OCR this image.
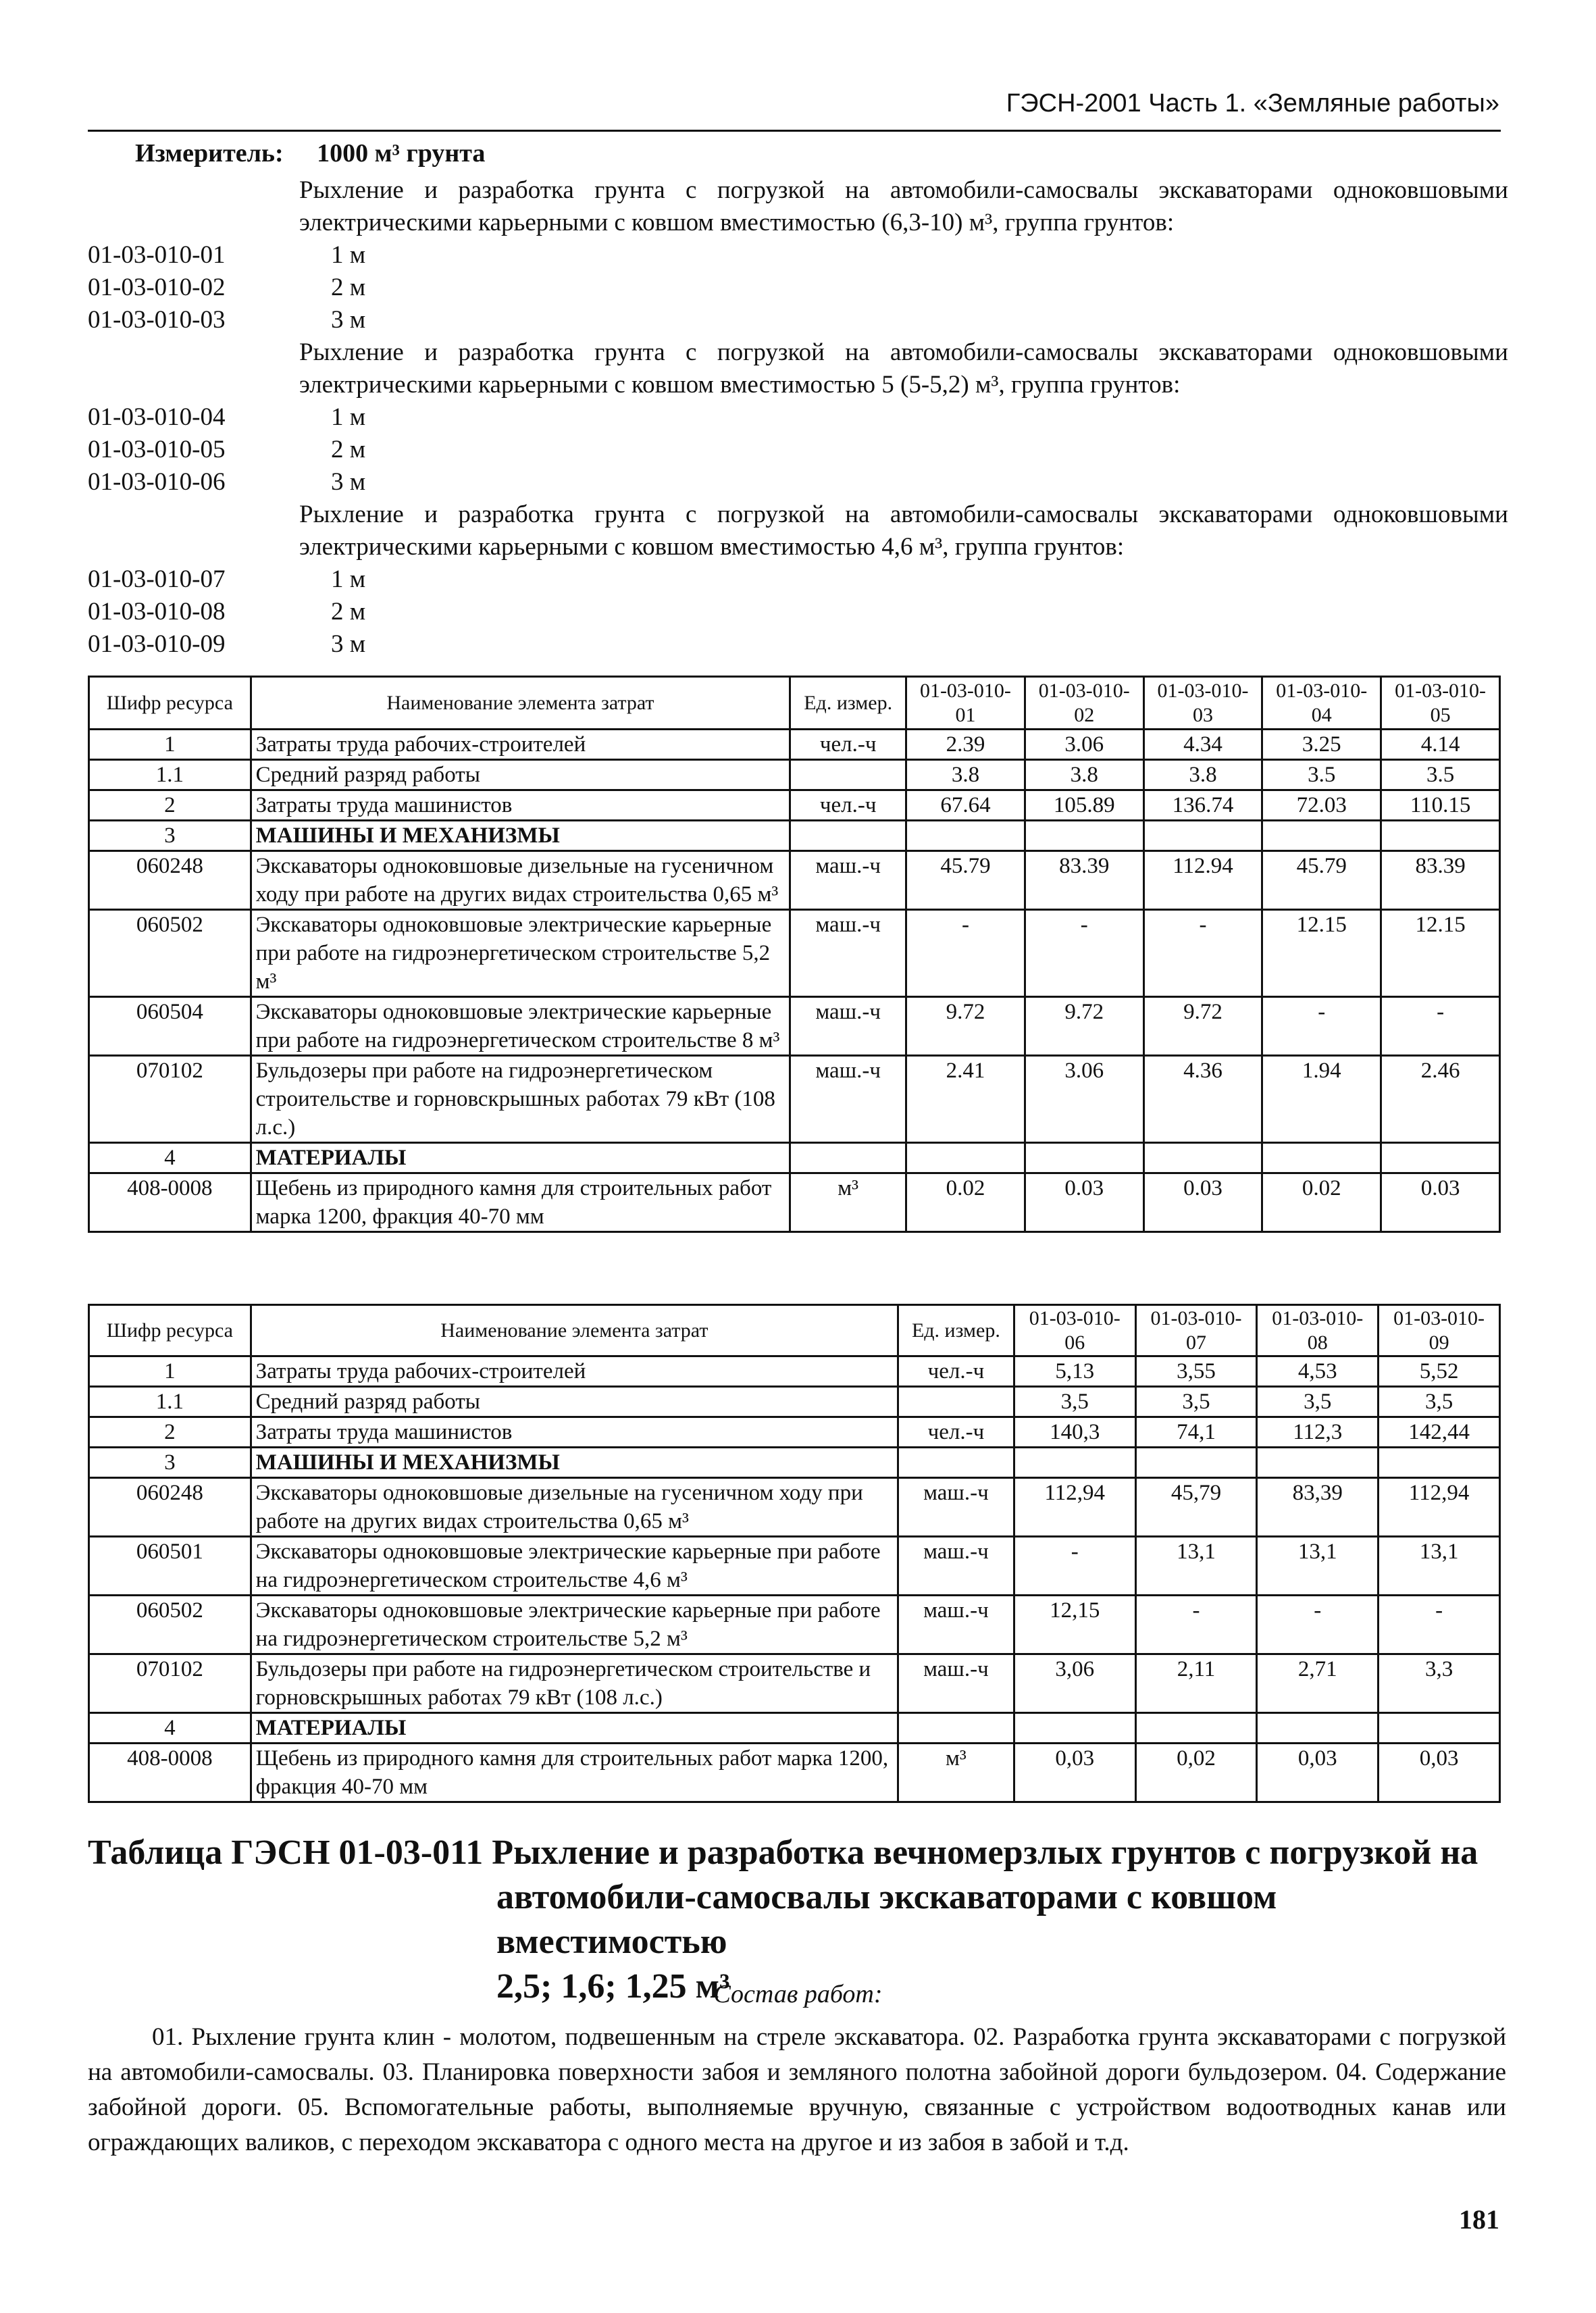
ГЭСН-2001 Часть 1. «Земляные работы»
Измеритель: 1000 м³ грунта
Рыхление и разработка грунта с погрузкой на автомобили-самосвалы экскаваторами одноковшовыми электрическими карьерными с ковшом вместимостью (6,3-10) м³, группа грунтов:
01-03-010-01	1 м
01-03-010-02	2 м
01-03-010-03	3 м
Рыхление и разработка грунта с погрузкой на автомобили-самосвалы экскаваторами одноковшовыми электрическими карьерными с ковшом вместимостью 5 (5-5,2) м³, группа грунтов:
01-03-010-04	1 м
01-03-010-05	2 м
01-03-010-06	3 м
Рыхление и разработка грунта с погрузкой на автомобили-самосвалы экскаваторами одноковшовыми электрическими карьерными с ковшом вместимостью 4,6 м³, группа грунтов:
01-03-010-07	1 м
01-03-010-08	2 м
01-03-010-09	3 м
Шифр ресурса	Наименование элемента затрат	Ед. измер.	01-03-010-01	01-03-010-02	01-03-010-03	01-03-010-04	01-03-010-05
1	Затраты труда рабочих-строителей	чел.-ч	2.39	3.06	4.34	3.25	4.14
1.1	Средний разряд работы		3.8	3.8	3.8	3.5	3.5
2	Затраты труда машинистов	чел.-ч	67.64	105.89	136.74	72.03	110.15
3	МАШИНЫ И МЕХАНИЗМЫ						
060248	Экскаваторы одноковшовые дизельные на гусеничном ходу при работе на других видах строительства 0,65 м³	маш.-ч	45.79	83.39	112.94	45.79	83.39
060502	Экскаваторы одноковшовые электрические карьерные при работе на гидроэнергетическом строительстве 5,2 м³	маш.-ч	-	-	-	12.15	12.15
060504	Экскаваторы одноковшовые электрические карьерные при работе на гидроэнергетическом строительстве 8 м³	маш.-ч	9.72	9.72	9.72	-	-
070102	Бульдозеры при работе на гидроэнергетическом строительстве и горновскрышных работах 79 кВт (108 л.с.)	маш.-ч	2.41	3.06	4.36	1.94	2.46
4	МАТЕРИАЛЫ						
408-0008	Щебень из природного камня для строительных работ марка 1200, фракция 40-70 мм	м³	0.02	0.03	0.03	0.02	0.03
Шифр ресурса	Наименование элемента затрат	Ед. измер.	01-03-010-06	01-03-010-07	01-03-010-08	01-03-010-09
1	Затраты труда рабочих-строителей	чел.-ч	5,13	3,55	4,53	5,52
1.1	Средний разряд работы		3,5	3,5	3,5	3,5
2	Затраты труда машинистов	чел.-ч	140,3	74,1	112,3	142,44
3	МАШИНЫ И МЕХАНИЗМЫ					
060248	Экскаваторы одноковшовые дизельные на гусеничном ходу при работе на других видах строительства 0,65 м³	маш.-ч	112,94	45,79	83,39	112,94
060501	Экскаваторы одноковшовые электрические карьерные при работе на гидроэнергетическом строительстве 4,6 м³	маш.-ч	-	13,1	13,1	13,1
060502	Экскаваторы одноковшовые электрические карьерные при работе на гидроэнергетическом строительстве 5,2 м³	маш.-ч	12,15	-	-	-
070102	Бульдозеры при работе на гидроэнергетическом строительстве и горновскрышных работах 79 кВт (108 л.с.)	маш.-ч	3,06	2,11	2,71	3,3
4	МАТЕРИАЛЫ					
408-0008	Щебень из природного камня для строительных работ марка 1200, фракция 40-70 мм	м³	0,03	0,02	0,03	0,03
Таблица ГЭСН 01-03-011 Рыхление и разработка вечномерзлых грунтов с погрузкой на
автомобили-самосвалы экскаваторами с ковшом вместимостью
2,5; 1,6; 1,25 м³
Состав работ:
01. Рыхление грунта клин - молотом, подвешенным на стреле экскаватора. 02. Разработка грунта экскаваторами с погрузкой на автомобили-самосвалы. 03. Планировка поверхности забоя и земляного полотна забойной дороги бульдозером. 04. Содержание забойной дороги. 05. Вспомогательные работы, выполняемые вручную, связанные с устройством водоотводных канав или ограждающих валиков, с переходом экскаватора с одного места на другое и из забоя в забой и т.д.
181
